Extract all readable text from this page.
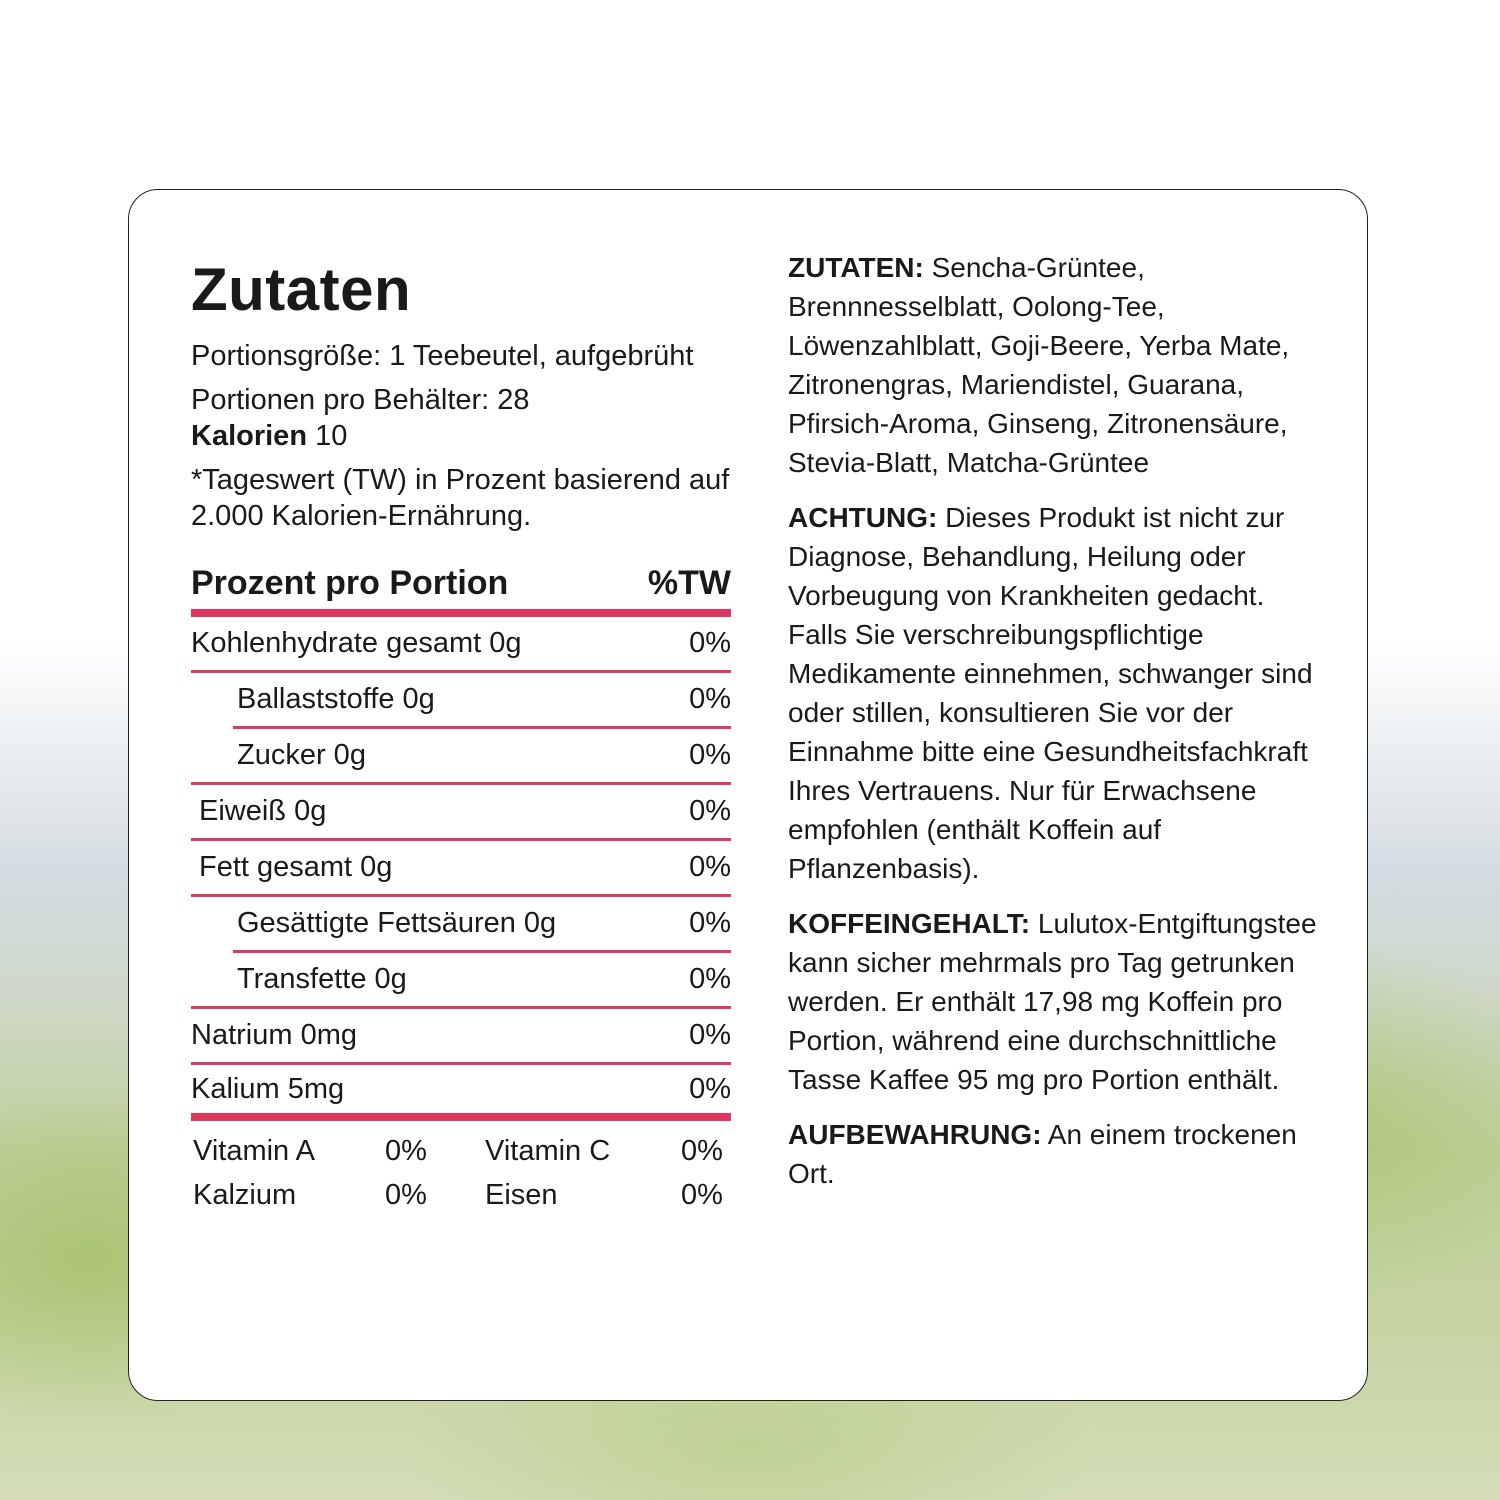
Zutaten

Portionsgröße: 1 Teebeutel, aufgebrüht

Portionen pro Behälter: 28

Kalorien 10

*Tageswert (TW) in Prozent basierend auf 2.000 Kalorien-Ernährung.

Prozent pro Portion	%TW
Kohlenhydrate gesamt 0g	0%
Ballaststoffe 0g	0%
Zucker 0g	0%
Eiweiß 0g	0%
Fett gesamt 0g	0%
Gesättigte Fettsäuren 0g	0%
Transfette 0g	0%
Natrium 0mg	0%
Kalium 5mg	0%
Vitamin A	0%	Vitamin C	0%
Kalzium	0%	Eisen	0%

ZUTATEN: Sencha-Grüntee, Brennnesselblatt, Oolong-Tee, Löwenzahlblatt, Goji-Beere, Yerba Mate, Zitronengras, Mariendistel, Guarana, Pfirsich-Aroma, Ginseng, Zitronensäure, Stevia-Blatt, Matcha-Grüntee

ACHTUNG: Dieses Produkt ist nicht zur Diagnose, Behandlung, Heilung oder Vorbeugung von Krankheiten gedacht. Falls Sie verschreibungspflichtige Medikamente einnehmen, schwanger sind oder stillen, konsultieren Sie vor der Einnahme bitte eine Gesundheitsfachkraft Ihres Vertrauens. Nur für Erwachsene empfohlen (enthält Koffein auf Pflanzenbasis).

KOFFEINGEHALT: Lulutox-Entgiftungstee kann sicher mehrmals pro Tag getrunken werden. Er enthält 17,98 mg Koffein pro Portion, während eine durchschnittliche Tasse Kaffee 95 mg pro Portion enthält.

AUFBEWAHRUNG: An einem trockenen Ort.
